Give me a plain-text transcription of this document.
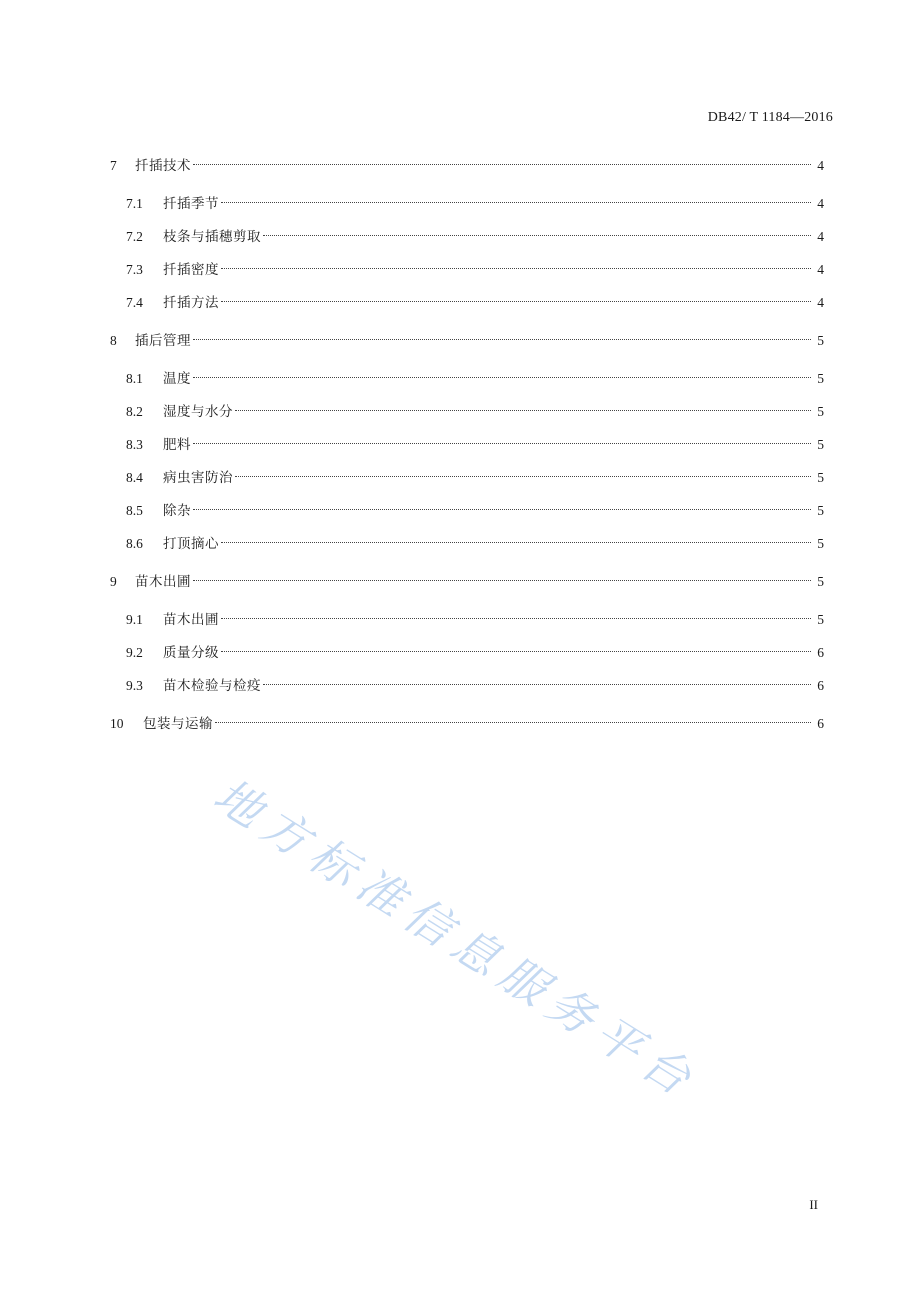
DB42/ T 1184—2016
7	扦插技术	4
7.1	扦插季节	4
7.2	枝条与插穗剪取	4
7.3	扦插密度	4
7.4	扦插方法	4
8	插后管理	5
8.1	温度	5
8.2	湿度与水分	5
8.3	肥料	5
8.4	病虫害防治	5
8.5	除杂	5
8.6	打顶摘心	5
9	苗木出圃	5
9.1	苗木出圃	5
9.2	质量分级	6
9.3	苗木检验与检疫	6
10	包装与运输	6
地方标准信息服务平台
II
